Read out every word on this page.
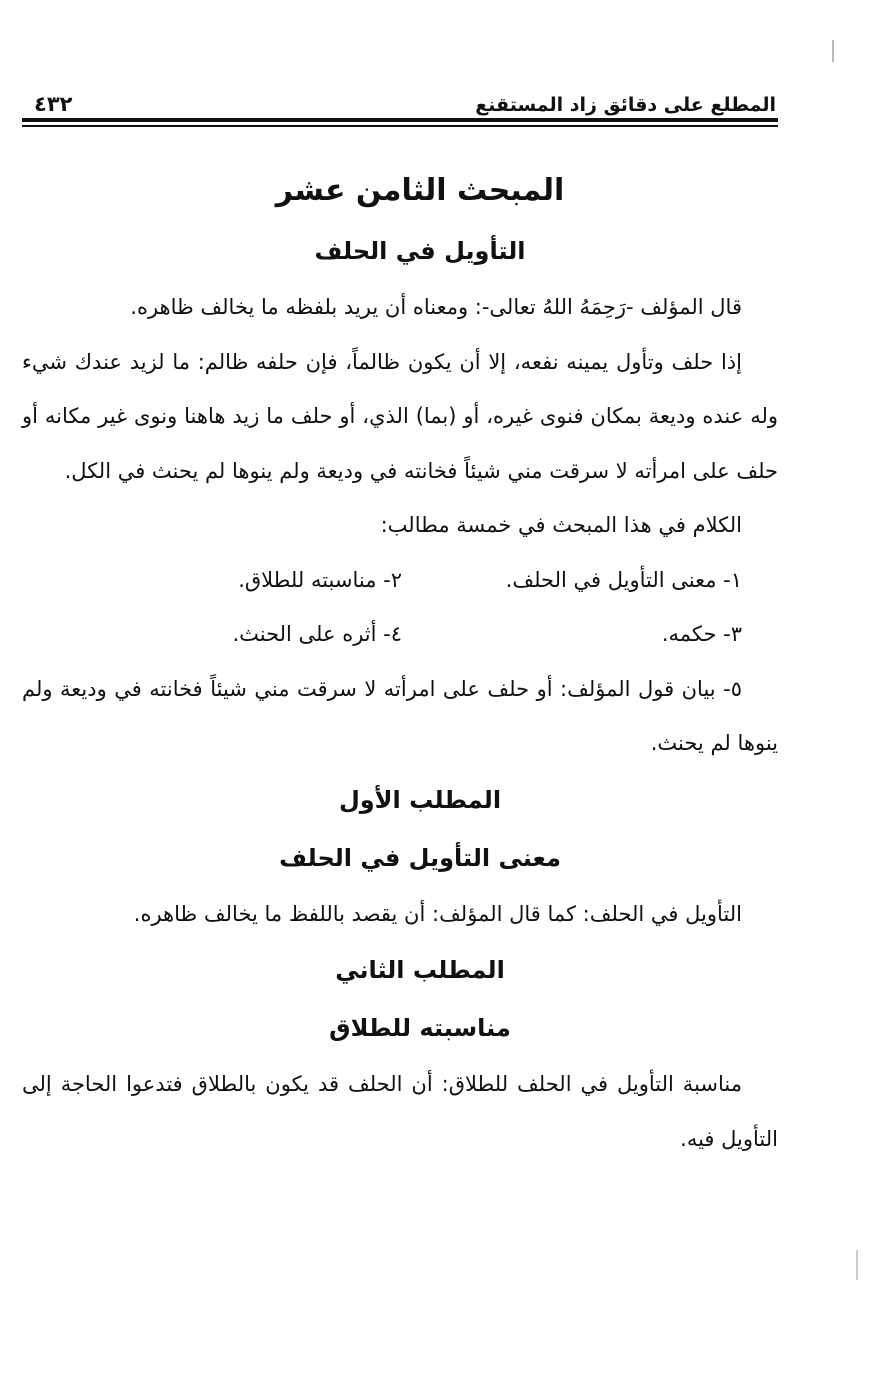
المطلع على دقائق زاد المستقنع
٤٣٢
المبحث الثامن عشر
التأويل في الحلف

قال المؤلف -رَحِمَهُ اللهُ تعالى-: ومعناه أن يريد بلفظه ما يخالف ظاهره.

إذا حلف وتأول يمينه نفعه، إلا أن يكون ظالماً، فإن حلفه ظالم: ما لزيد عندك شيء وله عنده وديعة بمكان فنوى غيره، أو (بما) الذي، أو حلف ما زيد هاهنا ونوى غير مكانه أو حلف على امرأته لا سرقت مني شيئاً فخانته في وديعة ولم ينوها لم يحنث في الكل.

الكلام في هذا المبحث في خمسة مطالب:

١- معنى التأويل في الحلف.
٢- مناسبته للطلاق.
٣- حكمه.
٤- أثره على الحنث.

٥- بيان قول المؤلف: أو حلف على امرأته لا سرقت مني شيئاً فخانته في وديعة ولم ينوها لم يحنث.

المطلب الأول
معنى التأويل في الحلف

التأويل في الحلف: كما قال المؤلف: أن يقصد باللفظ ما يخالف ظاهره.

المطلب الثاني
مناسبته للطلاق

مناسبة التأويل في الحلف للطلاق: أن الحلف قد يكون بالطلاق فتدعوا الحاجة إلى التأويل فيه.
